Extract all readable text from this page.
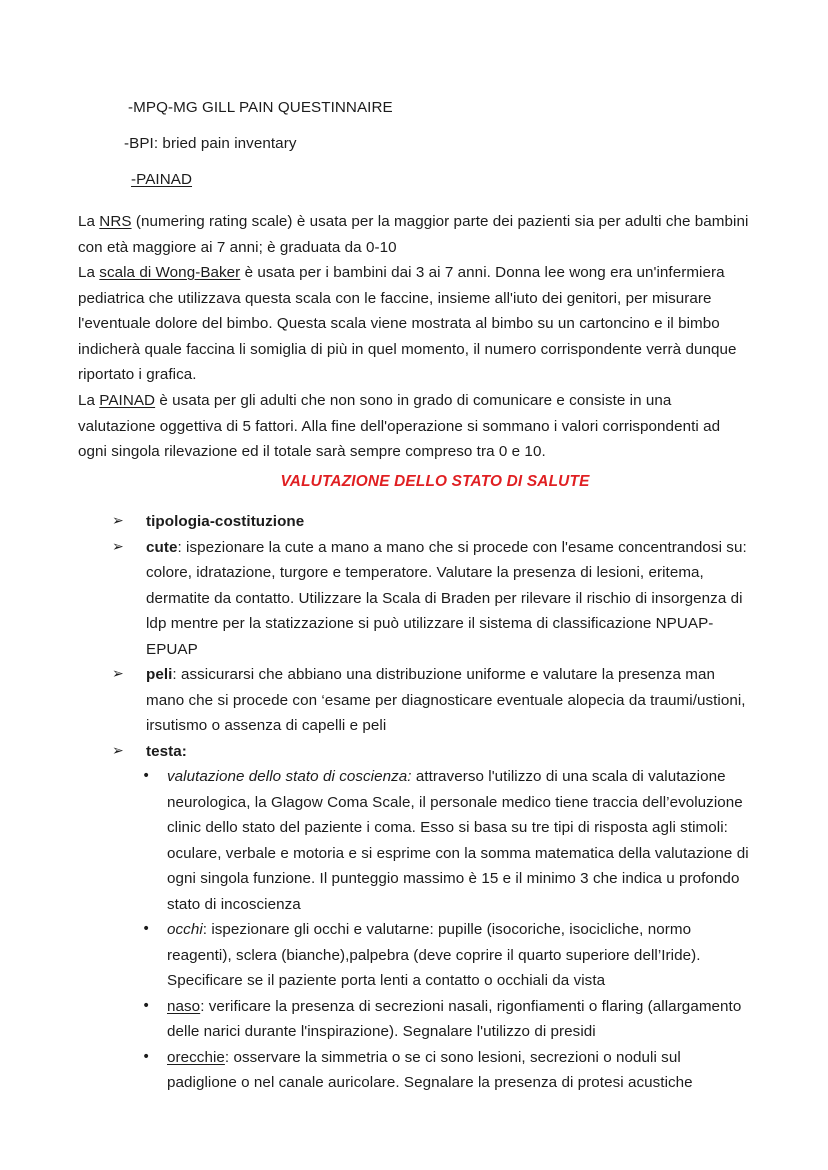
-MPQ-MG GILL PAIN QUESTINNAIRE
-BPI: bried pain inventary
-PAINAD

La NRS (numering rating scale) è usata per la maggior parte dei pazienti sia per adulti che bambini con età maggiore ai 7 anni; è graduata da 0-10

La scala di Wong-Baker è usata per i bambini dai 3 ai 7 anni. Donna lee wong era un'infermiera pediatrica che utilizzava questa scala con le faccine, insieme all'iuto dei genitori, per misurare l'eventuale dolore del bimbo. Questa scala viene mostrata al bimbo su un cartoncino e il bimbo indicherà quale faccina li somiglia di più in quel momento, il numero corrispondente verrà dunque riportato i grafica.

La PAINAD è usata per gli adulti che non sono in grado di comunicare e consiste in una valutazione oggettiva di 5 fattori. Alla fine dell'operazione si sommano i valori corrispondenti ad ogni singola rilevazione ed il totale sarà sempre compreso tra 0 e 10.

VALUTAZIONE DELLO STATO DI SALUTE

➢ tipologia-costituzione
➢ cute: ispezionare la cute a mano a mano che si procede con l'esame concentrandosi su: colore, idratazione, turgore e temperatore. Valutare la presenza di lesioni, eritema, dermatite da contatto. Utilizzare la Scala di Braden per rilevare il rischio di insorgenza di ldp mentre per la statizzazione si può utilizzare il sistema di classificazione NPUAP-EPUAP
➢ peli: assicurarsi che abbiano una distribuzione uniforme e valutare la presenza man mano che si procede con ‘esame per diagnosticare eventuale alopecia da traumi/ustioni, irsutismo o assenza di capelli e peli
➢ testa:
• valutazione dello stato di coscienza: attraverso l'utilizzo di una scala di valutazione neurologica, la Glagow Coma Scale, il personale medico tiene traccia dell’evoluzione clinic dello stato del paziente i coma. Esso si basa su tre tipi di risposta agli stimoli: oculare, verbale e motoria e si esprime con la somma matematica della valutazione di ogni singola funzione. Il punteggio massimo è 15 e il minimo 3 che indica u profondo stato di incoscienza
• occhi: ispezionare gli occhi e valutarne: pupille (isocoriche, isocicliche, normo reagenti), sclera (bianche),palpebra (deve coprire il quarto superiore dell’Iride). Specificare se il paziente porta lenti a contatto o occhiali da vista
• naso: verificare la presenza di secrezioni nasali, rigonfiamenti o flaring (allargamento delle narici durante l'inspirazione). Segnalare l'utilizzo di presidi
• orecchie: osservare la simmetria o se ci sono lesioni, secrezioni o noduli sul padiglione o nel canale auricolare. Segnalare la presenza di protesi acustiche
